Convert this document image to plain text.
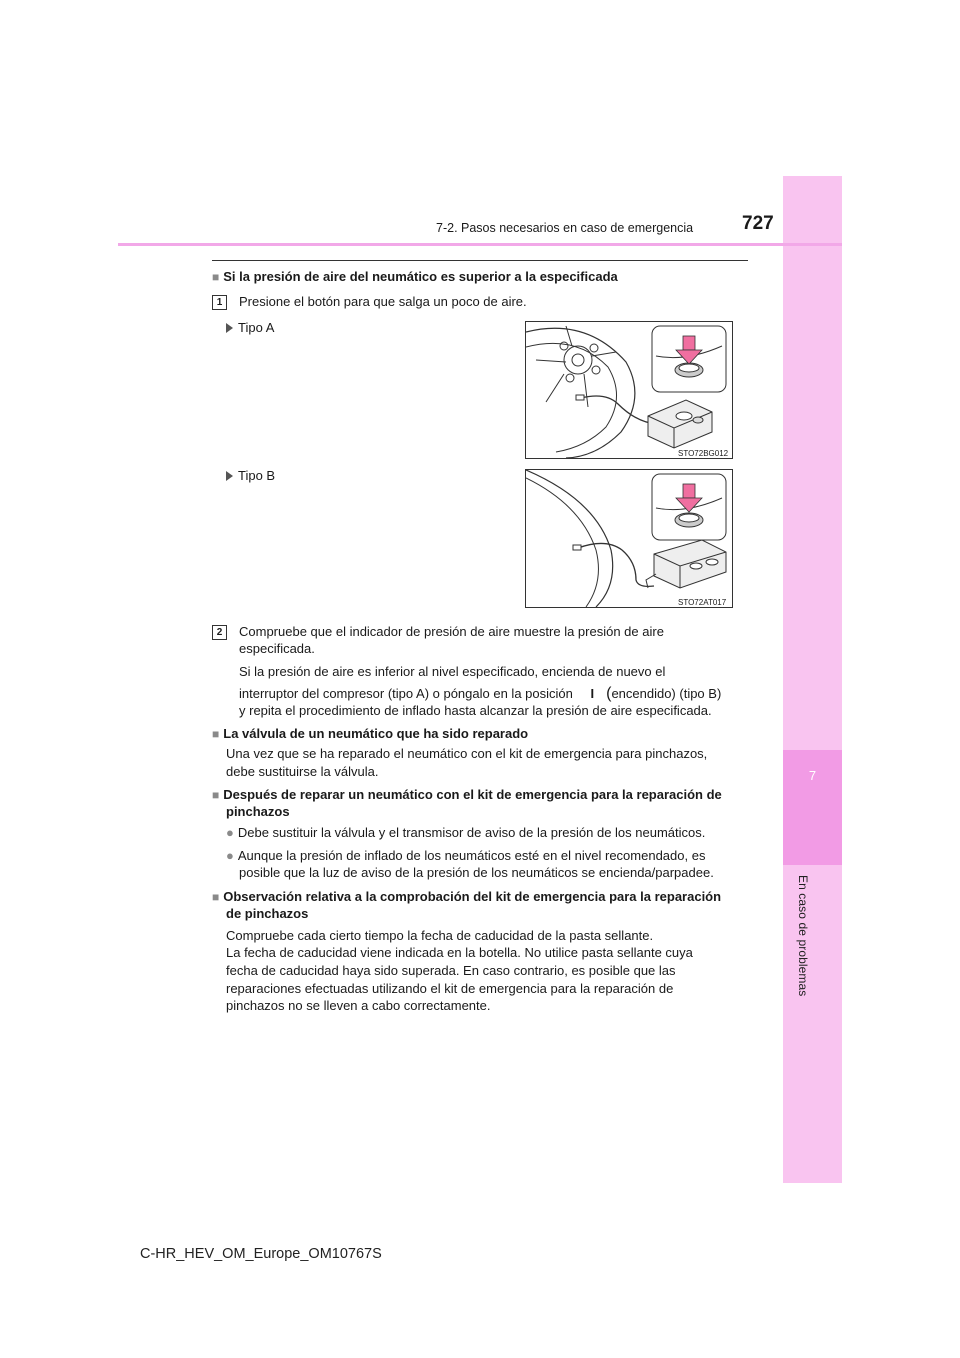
7
En caso de problemas
7-2. Pasos necesarios en caso de emergencia	727
■ Si la presión de aire del neumático es superior a la especificada
1	Presione el botón para que salga un poco de aire.
Tipo A
STO72BG012
Tipo B
STO72AT017
2	Compruebe que el indicador de presión de aire muestre la presión de aire
especificada.
Si la presión de aire es inferior al nivel especificado, encienda de nuevo el
interruptor del compresor (tipo A) o póngalo en la posición I (encendido) (tipo B)
y repita el procedimiento de inflado hasta alcanzar la presión de aire especificada.
■ La válvula de un neumático que ha sido reparado
Una vez que se ha reparado el neumático con el kit de emergencia para pinchazos,
debe sustituirse la válvula.
■ Después de reparar un neumático con el kit de emergencia para la reparación de
pinchazos
● Debe sustituir la válvula y el transmisor de aviso de la presión de los neumáticos.
● Aunque la presión de inflado de los neumáticos esté en el nivel recomendado, es
posible que la luz de aviso de la presión de los neumáticos se encienda/parpadee.
■ Observación relativa a la comprobación del kit de emergencia para la reparación
de pinchazos
Compruebe cada cierto tiempo la fecha de caducidad de la pasta sellante.
La fecha de caducidad viene indicada en la botella. No utilice pasta sellante cuya
fecha de caducidad haya sido superada. En caso contrario, es posible que las
reparaciones efectuadas utilizando el kit de emergencia para la reparación de
pinchazos no se lleven a cabo correctamente.
C-HR_HEV_OM_Europe_OM10767S
